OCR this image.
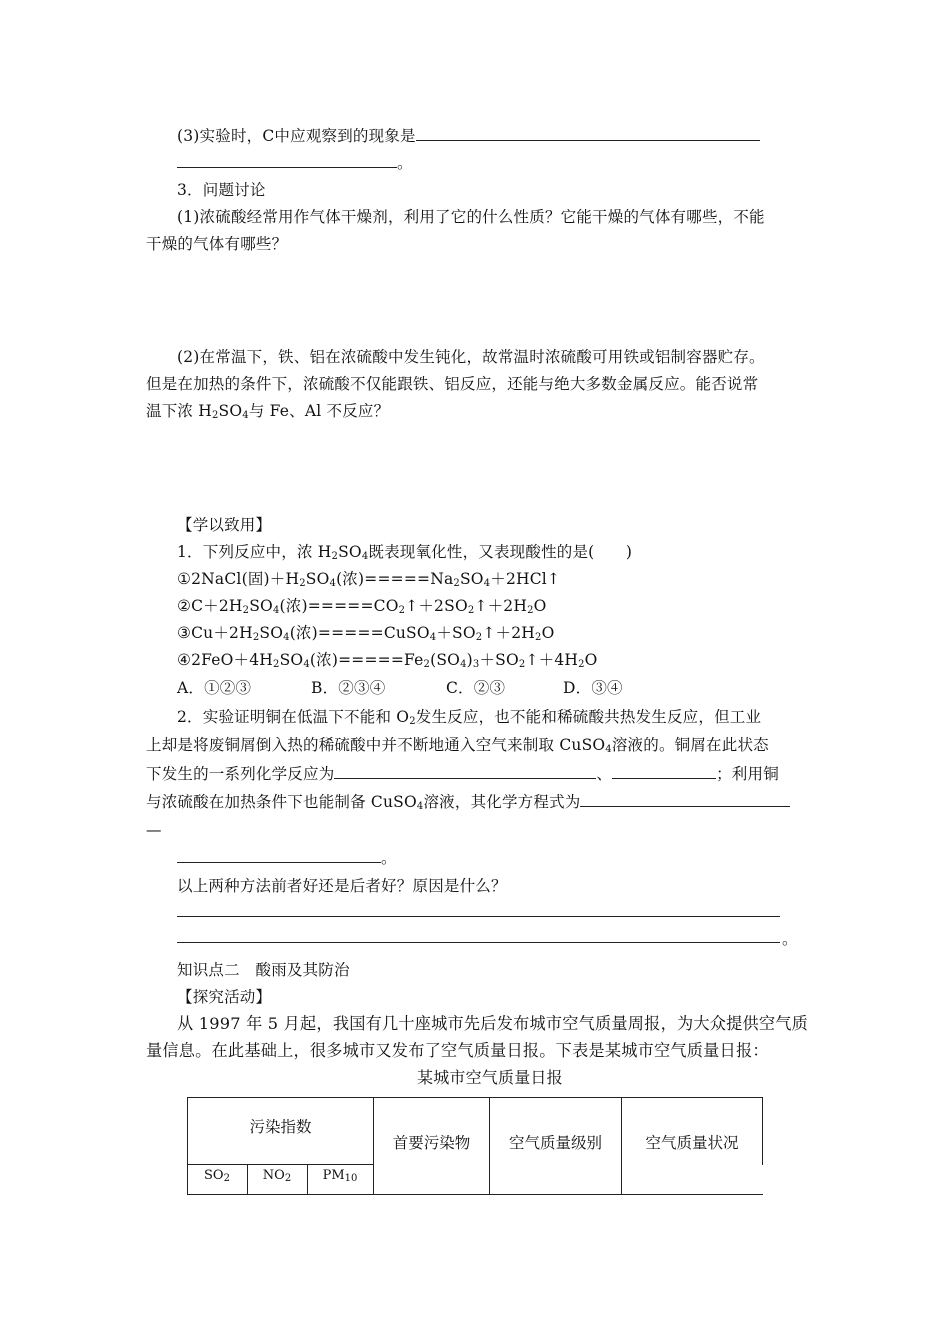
(3)实验时，C中应观察到的现象是
。
3．问题讨论
(1)浓硫酸经常用作气体干燥剂，利用了它的什么性质？它能干燥的气体有哪些，不能
干燥的气体有哪些？
(2)在常温下，铁、铝在浓硫酸中发生钝化，故常温时浓硫酸可用铁或铝制容器贮存。
但是在加热的条件下，浓硫酸不仅能跟铁、铝反应，还能与绝大多数金属反应。能否说常
温下浓 $H_2SO_4$与 Fe、Al 不反应？
【学以致用】
1．下列反应中，浓 $H_2SO_4$既表现氧化性，又表现酸性的是(　　)
①2NaCl(固)$+H_2SO_4$(浓)$=====Na_2SO_4+2HCl↑$
$②C+2H_2SO_4$(浓)$=====CO_2↑+2SO_2↑+2H_2O$
$③Cu+2H_2SO_4$(浓)$=====CuSO_4+SO_2↑+2H_2O$
$④2FeO+4H_2SO_4$(浓)$=====Fe_2(SO_4)_3+SO_2↑+4H_2O$
A．①②③	B．②③④	C．②③	D．③④
2．实验证明铜在低温下不能和 $O_2$发生反应，也不能和稀硫酸共热发生反应，但工业
上却是将废铜屑倒入热的稀硫酸中并不断地通入空气来制取 CuSO$_4$溶液的。铜屑在此状态
下发生的一系列化学反应为	、	；利用铜
与浓硫酸在加热条件下也能制备 CuSO$_4$溶液，其化学方程式为
—
。
以上两种方法前者好还是后者好？原因是什么？
。
知识点二　酸雨及其防治
【探究活动】
从 1997 年 5 月起，我国有几十座城市先后发布城市空气质量周报，为大众提供空气质
量信息。在此基础上，很多城市又发布了空气质量日报。下表是某城市空气质量日报：
某城市空气质量日报
污染指数
$SO_2$	$NO_2$	$PM_{10}$
首要污染物	空气质量级别	空气质量状况
